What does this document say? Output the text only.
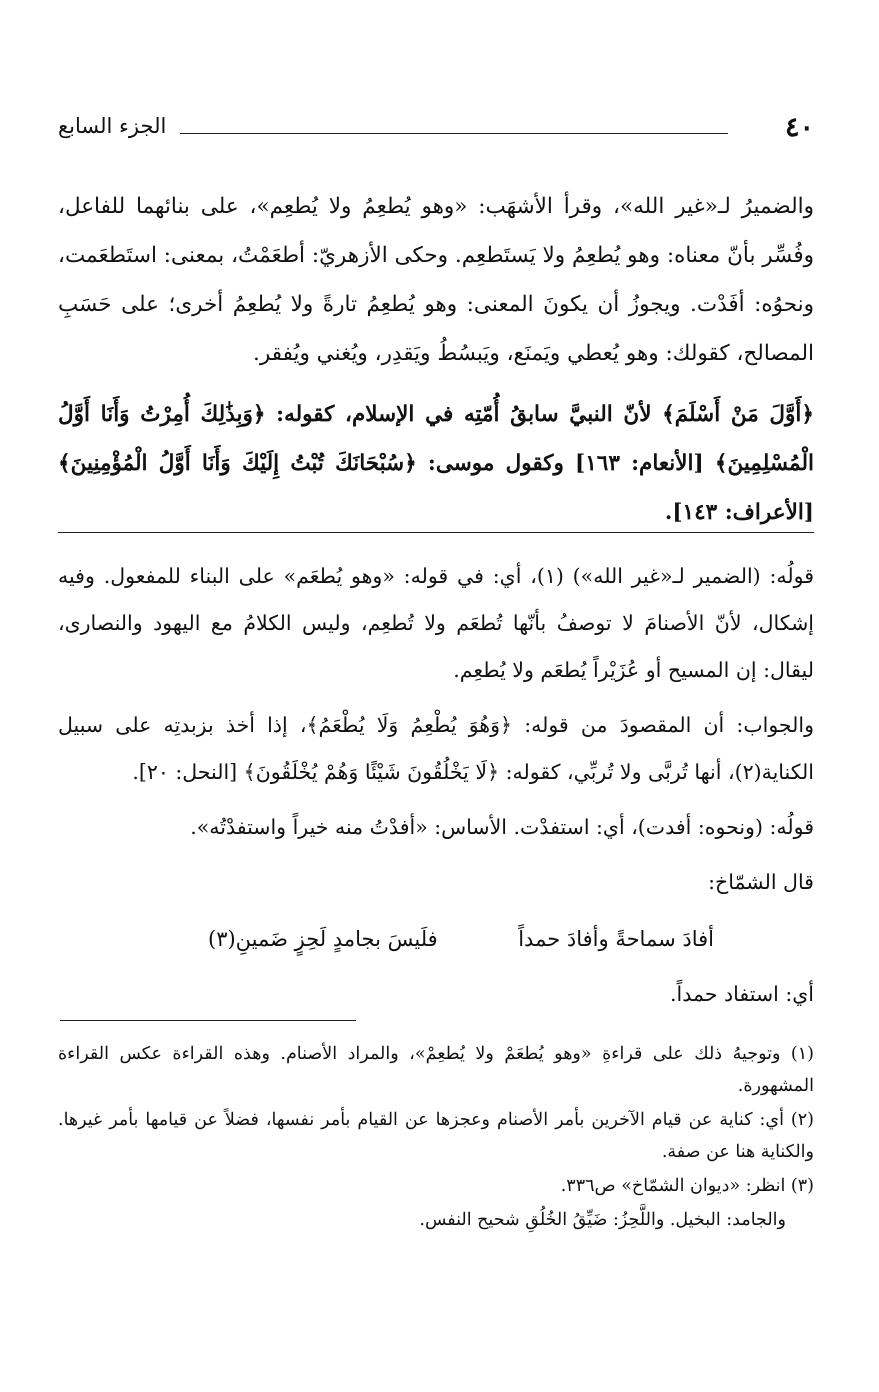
٤٠
الجزء السابع

والضميرُ لـ«غير الله»، وقرأ الأشهَب: «وهو يُطعِمُ ولا يُطعِم»، على بنائهما للفاعل، وفُسِّر بأنّ معناه: وهو يُطعِمُ ولا يَستَطعِم. وحكى الأزهريّ: أطعَمْتُ، بمعنى: استَطعَمت، ونحوُه: أفَدْت. ويجوزُ أن يكونَ المعنى: وهو يُطعِمُ تارةً ولا يُطعِمُ أخرى؛ على حَسَبِ المصالح، كقولك: وهو يُعطي ويَمنَع، ويَبسُطُ ويَقدِر، ويُغني ويُفقر.

﴿أَوَّلَ مَنْ أَسْلَمَ﴾ لأنّ النبيَّ سابقُ أُمّتِه في الإسلام، كقوله: ﴿وَبِذَٰلِكَ أُمِرْتُ وَأَنَا أَوَّلُ الْمُسْلِمِينَ﴾ [الأنعام: ١٦٣] وكقول موسى: ﴿سُبْحَانَكَ تُبْتُ إِلَيْكَ وَأَنَا أَوَّلُ الْمُؤْمِنِينَ﴾ [الأعراف: ١٤٣].

قولُه: (الضمير لـ«غير الله») (١)، أي: في قوله: «وهو يُطعَم» على البناء للمفعول. وفيه إشكال، لأنّ الأصنامَ لا توصفُ بأنّها تُطعَم ولا تُطعِم، وليس الكلامُ مع اليهود والنصارى، ليقال: إن المسيح أو عُزَيْراً يُطعَم ولا يُطعِم.

والجواب: أن المقصودَ من قوله: ﴿وَهُوَ يُطْعِمُ وَلَا يُطْعَمُ﴾، إذا أخذ بزبدتِه على سبيل الكناية(٢)، أنها تُربَّى ولا تُربِّي، كقوله: ﴿لَا يَخْلُقُونَ شَيْئًا وَهُمْ يُخْلَقُونَ﴾ [النحل: ٢٠].

قولُه: (ونحوه: أفدت)، أي: استفدْت. الأساس: «أفدْتُ منه خيراً واستفدْتُه».

قال الشمّاخ:

أفادَ سماحةً وأفادَ حمداً
فلَيسَ بجامدٍ لَحِزٍ ضَمينِ(٣)

أي: استفاد حمداً.

(١) وتوجيهُ ذلك على قراءةِ «وهو يُطعَمْ ولا يُطعِمْ»، والمراد الأصنام. وهذه القراءة عكس القراءة المشهورة.

(٢) أي: كناية عن قيام الآخرين بأمر الأصنام وعجزها عن القيام بأمر نفسها، فضلاً عن قيامها بأمر غيرها. والكناية هنا عن صفة.

(٣) انظر: «ديوان الشمّاخ» ص٣٣٦.

والجامد: البخيل. واللَّحِزُ: ضَيِّقُ الخُلُقِ شحيح النفس.
